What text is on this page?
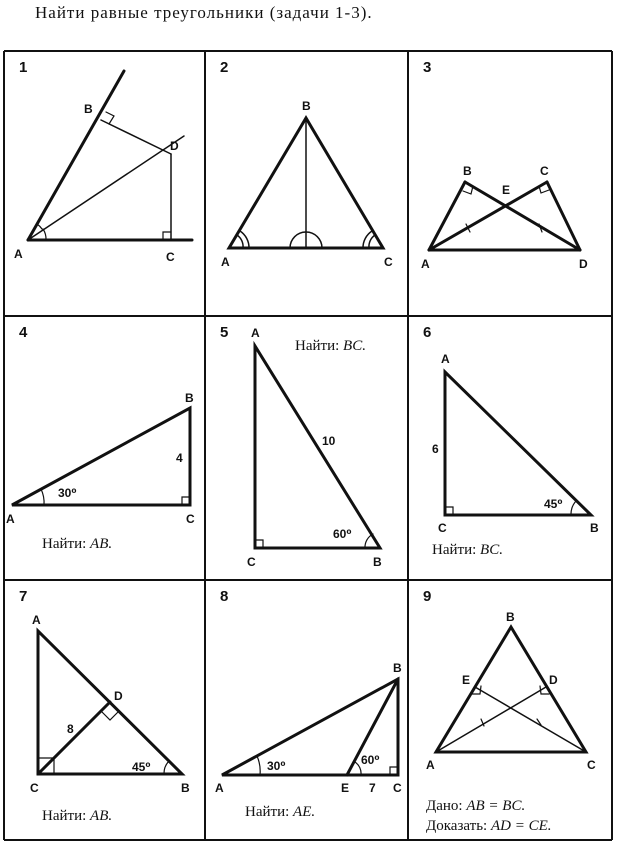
Найти равные треугольники (задачи 1-3).
1
A
B
C
D
2
B
A	C
3
B	C
E
A	D
4
A
B
C
30⁰
4
Найти: AB.
5 A
C	B
60⁰
10
Найти: BC.
6
A
C	B
45⁰
6
Найти: BC.
7
A
D
C	B
45⁰
8
Найти: AB.
8
A	E	C
B
30⁰	60⁰
7
Найти: AE.
9
B
E	D
A	C
Дано: AB = BC.
Доказать: AD = CE.
